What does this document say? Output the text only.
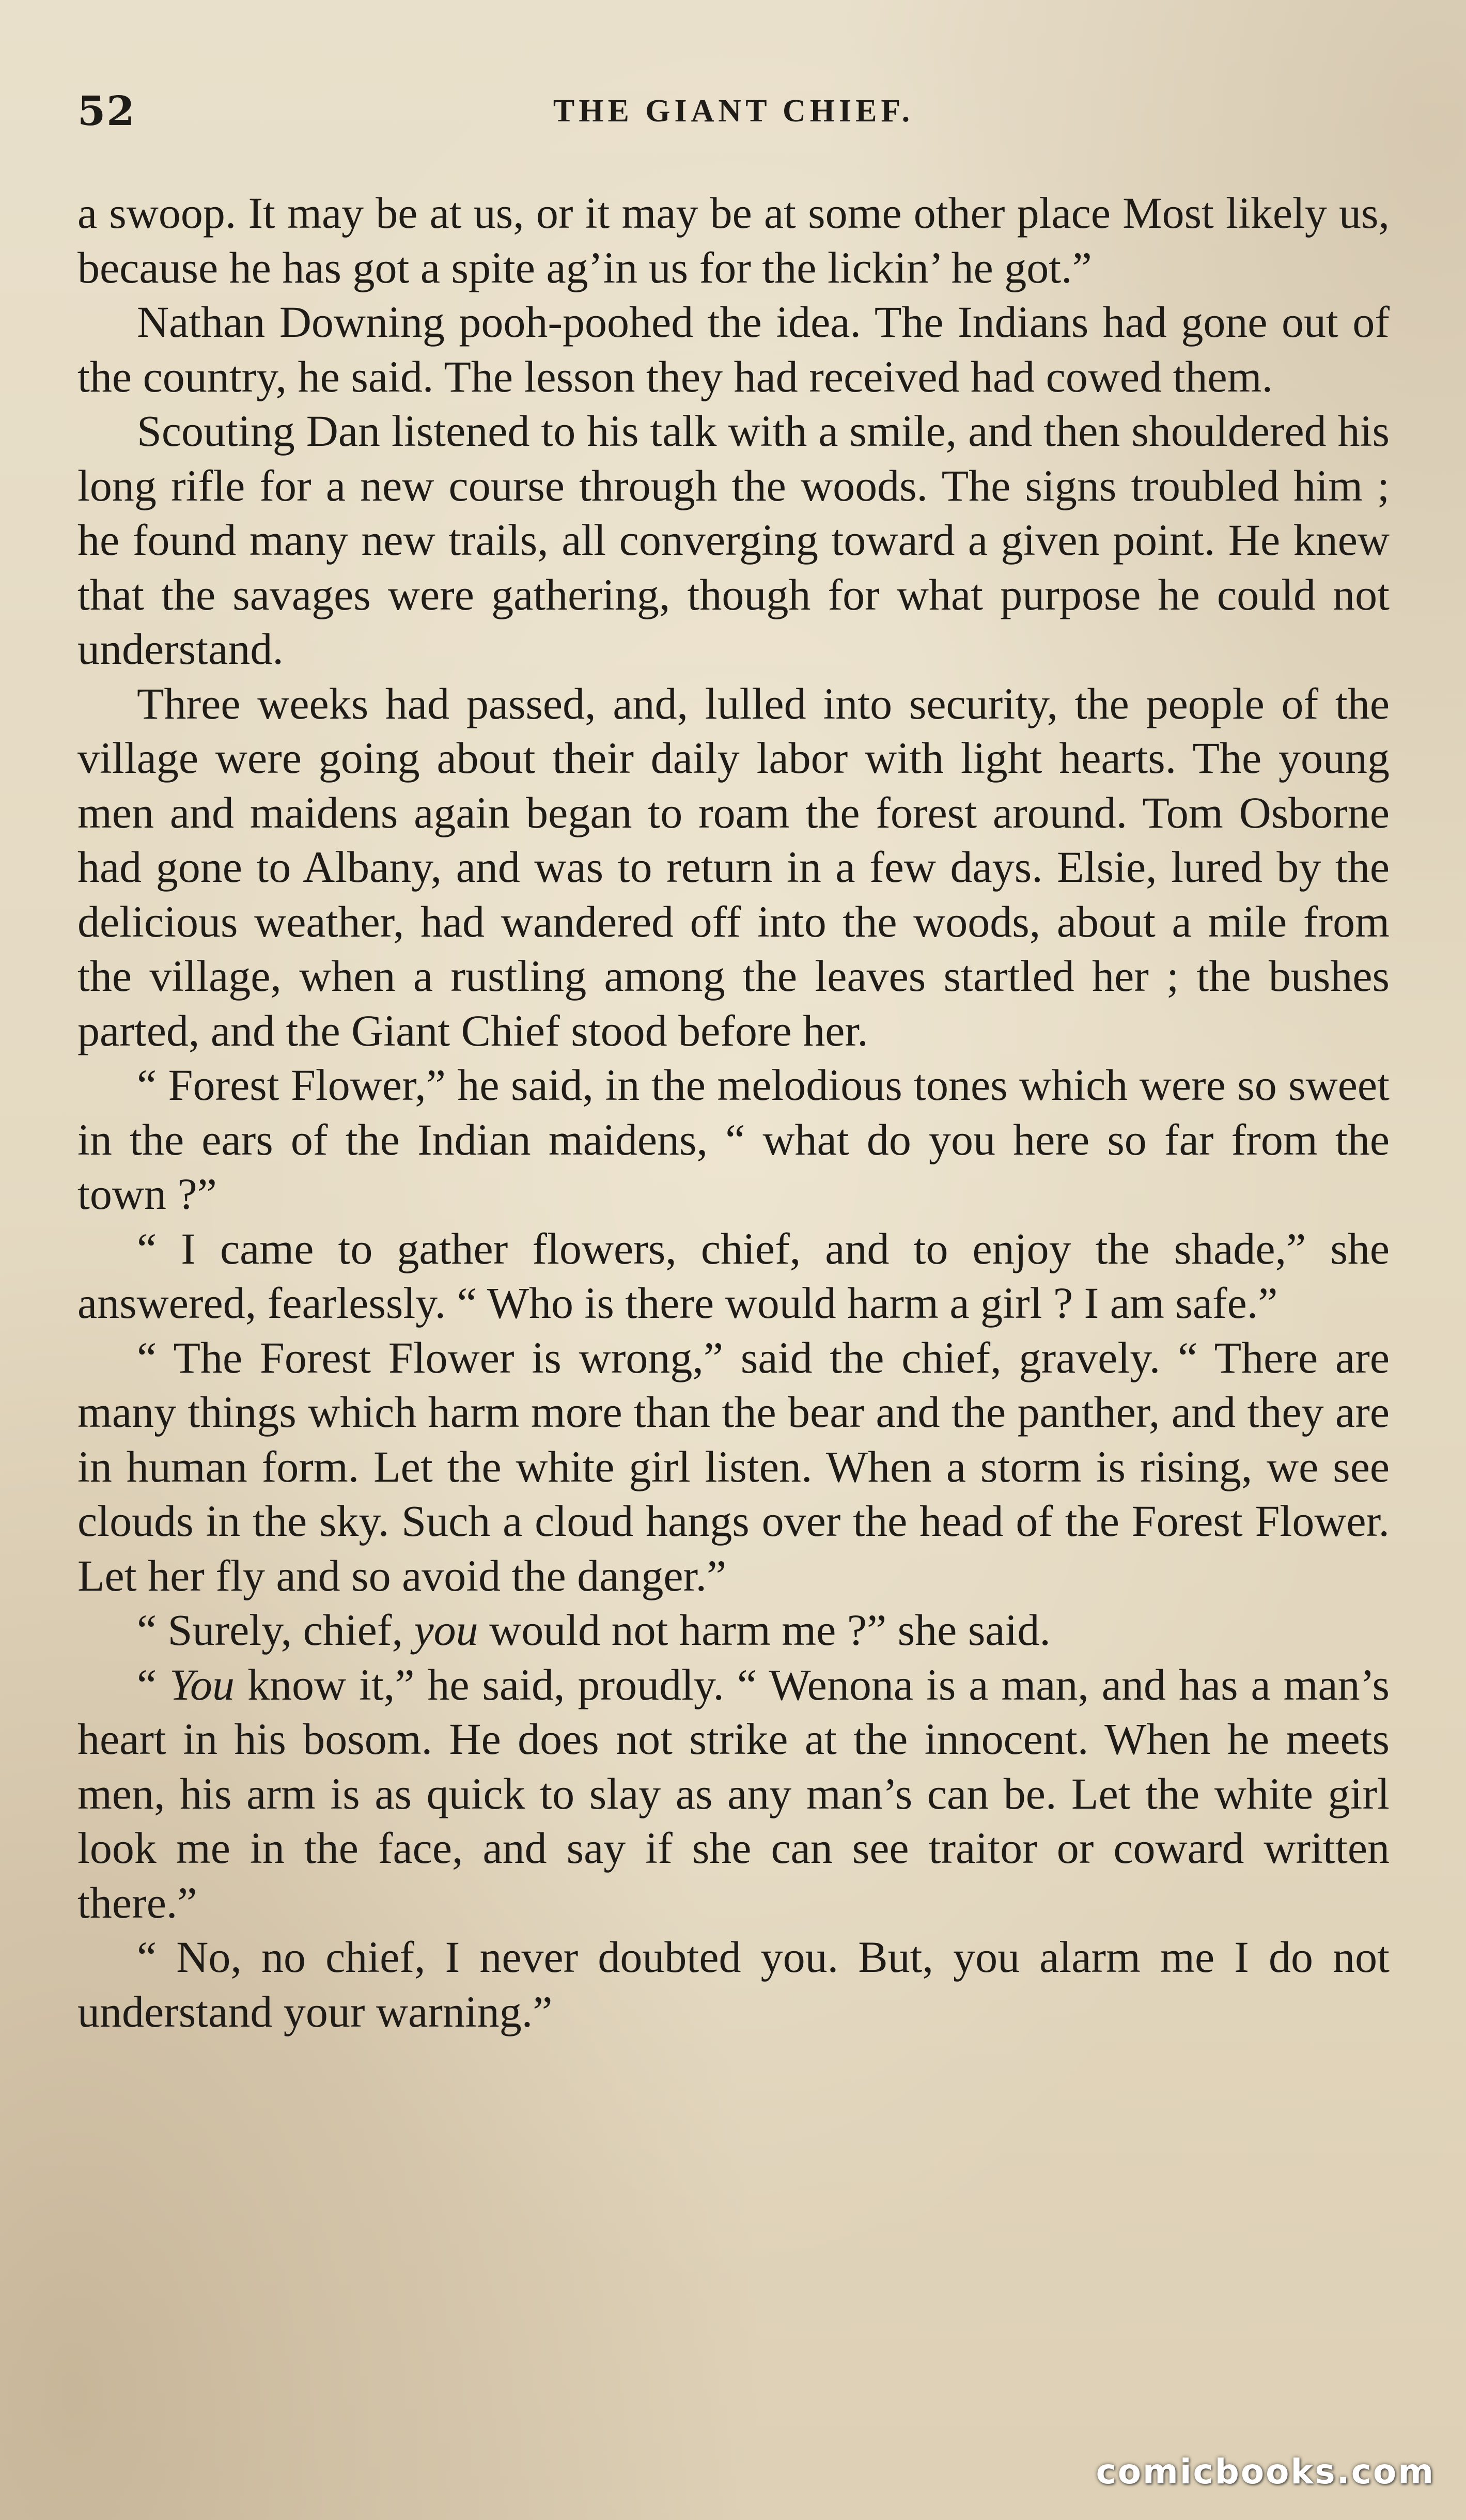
52	THE GIANT CHIEF.

a swoop. It may be at us, or it may be at some other place Most likely us, because he has got a spite ag’in us for the lickin’ he got.”

Nathan Downing pooh-poohed the idea. The Indians had gone out of the country, he said. The lesson they had received had cowed them.

Scouting Dan listened to his talk with a smile, and then shouldered his long rifle for a new course through the woods. The signs troubled him ; he found many new trails, all converging toward a given point. He knew that the savages were gathering, though for what purpose he could not understand.

Three weeks had passed, and, lulled into security, the people of the village were going about their daily labor with light hearts. The young men and maidens again began to roam the forest around. Tom Osborne had gone to Albany, and was to return in a few days. Elsie, lured by the delicious weather, had wandered off into the woods, about a mile from the village, when a rustling among the leaves startled her ; the bushes parted, and the Giant Chief stood before her.

“ Forest Flower,” he said, in the melodious tones which were so sweet in the ears of the Indian maidens, “ what do you here so far from the town ?”

“ I came to gather flowers, chief, and to enjoy the shade,” she answered, fearlessly. “ Who is there would harm a girl ? I am safe.”

“ The Forest Flower is wrong,” said the chief, gravely. “ There are many things which harm more than the bear and the panther, and they are in human form. Let the white girl listen. When a storm is rising, we see clouds in the sky. Such a cloud hangs over the head of the Forest Flower. Let her fly and so avoid the danger.”

“ Surely, chief, you would not harm me ?” she said.

“ You know it,” he said, proudly. “ Wenona is a man, and has a man’s heart in his bosom. He does not strike at the innocent. When he meets men, his arm is as quick to slay as any man’s can be. Let the white girl look me in the face, and say if she can see traitor or coward written there.”

“ No, no chief, I never doubted you. But, you alarm me I do not understand your warning.”

comicbooks.com
